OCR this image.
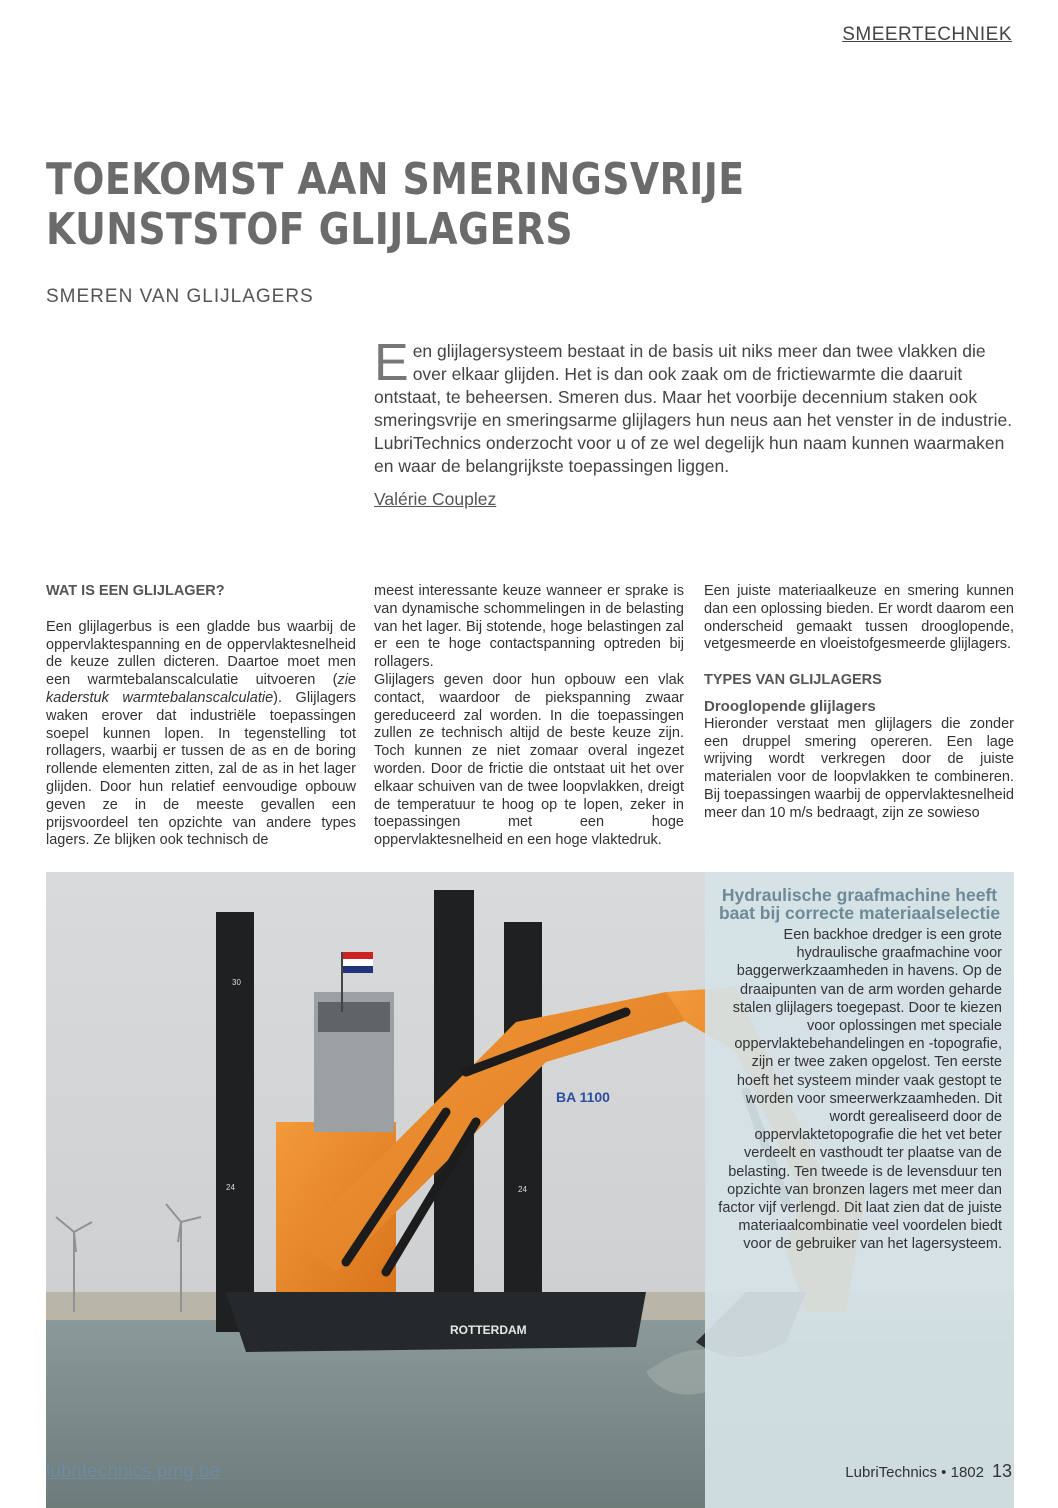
SMEERTECHNIEK
TOEKOMST AAN SMERINGSVRIJE
KUNSTSTOF GLIJLAGERS
SMEREN VAN GLIJLAGERS
Een glijlagersysteem bestaat in de basis uit niks meer dan twee vlakken die over elkaar glijden. Het is dan ook zaak om de frictiewarmte die daaruit ontstaat, te beheersen. Smeren dus. Maar het voorbije decennium staken ook smeringsvrije en smeringsarme glijlagers hun neus aan het venster in de industrie. LubriTechnics onderzocht voor u of ze wel degelijk hun naam kunnen waarmaken en waar de belangrijkste toepassingen liggen.
Valérie Couplez

WAT IS EEN GLIJLAGER?

Een glijlagerbus is een gladde bus waarbij de oppervlaktespanning en de oppervlaktesnelheid de keuze zullen dicteren. Daartoe moet men een warmtebalanscalculatie uitvoeren (zie kaderstuk warmtebalanscalculatie). Glijlagers waken erover dat industriële toepassingen soepel kunnen lopen. In tegenstelling tot rollagers, waarbij er tussen de as en de boring rollende elementen zitten, zal de as in het lager glijden. Door hun relatief eenvoudige opbouw geven ze in de meeste gevallen een prijsvoordeel ten opzichte van andere types lagers. Ze blijken ook technisch de

meest interessante keuze wanneer er sprake is van dynamische schommelingen in de belasting van het lager. Bij stotende, hoge belastingen zal er een te hoge contactspanning optreden bij rollagers.

Glijlagers geven door hun opbouw een vlak contact, waardoor de piekspanning zwaar gereduceerd zal worden. In die toepassingen zullen ze technisch altijd de beste keuze zijn. Toch kunnen ze niet zomaar overal ingezet worden. Door de frictie die ontstaat uit het over elkaar schuiven van de twee loopvlakken, dreigt de temperatuur te hoog op te lopen, zeker in toepassingen met een hoge oppervlaktesnelheid en een hoge vlaktedruk.

Een juiste materiaalkeuze en smering kunnen dan een oplossing bieden. Er wordt daarom een onderscheid gemaakt tussen drooglopende, vetgesmeerde en vloeistofgesmeerde glijlagers.

TYPES VAN GLIJLAGERS

Drooglopende glijlagers

Hieronder verstaat men glijlagers die zonder een druppel smering opereren. Een lage wrijving wordt verkregen door de juiste materialen voor de loopvlakken te combineren. Bij toepassingen waarbij de oppervlaktesnelheid meer dan 10 m/s bedraagt, zijn ze sowieso

30
24	24
ROTTERDAM
BA 1100
Hydraulische graafmachine heeft baat bij correcte materiaalselectie
Een backhoe dredger is een grote hydraulische graafmachine voor baggerwerkzaamheden in havens. Op de draaipunten van de arm worden geharde stalen glijlagers toegepast. Door te kiezen voor oplossingen met speciale oppervlaktebehandelingen en -topografie, zijn er twee zaken opgelost. Ten eerste hoeft het systeem minder vaak gestopt te worden voor smeerwerkzaamheden. Dit wordt gerealiseerd door de oppervlaktetopografie die het vet beter verdeelt en vasthoudt ter plaatse van de belasting. Ten tweede is de levensduur ten opzichte van bronzen lagers met meer dan factor vijf verlengd. Dit laat zien dat de juiste materiaalcombinatie veel voordelen biedt voor de gebruiker van het lagersysteem.
lubritechnics.pmg.be	LubriTechnics • 1802 13
